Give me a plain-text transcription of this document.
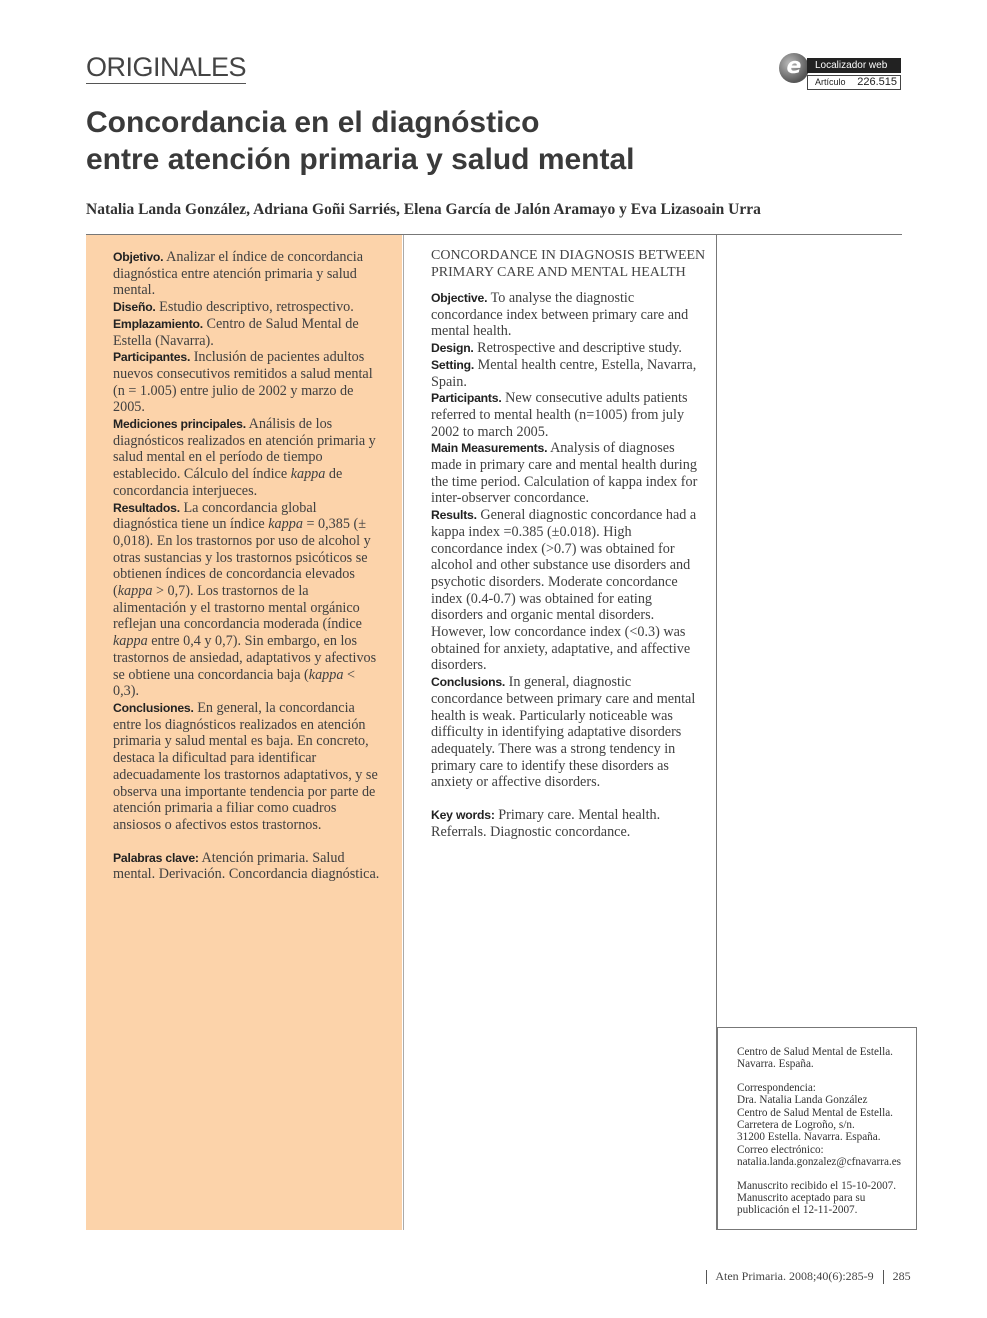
ORIGINALES	e	Localizador web
Artículo 226.515
Concordancia en el diagnóstico
entre atención primaria y salud mental
Natalia Landa González, Adriana Goñi Sarriés, Elena García de Jalón Aramayo y Eva Lizasoain Urra

Objetivo. Analizar el índice de concordancia diagnóstica entre atención primaria y salud mental.

Diseño. Estudio descriptivo, retrospectivo.

Emplazamiento. Centro de Salud Mental de Estella (Navarra).

Participantes. Inclusión de pacientes adultos nuevos consecutivos remitidos a salud mental (n = 1.005) entre julio de 2002 y marzo de 2005.

Mediciones principales. Análisis de los diagnósticos realizados en atención primaria y salud mental en el período de tiempo establecido. Cálculo del índice kappa de concordancia interjueces.

Resultados. La concordancia global diagnóstica tiene un índice kappa = 0,385 (± 0,018). En los trastornos por uso de alcohol y otras sustancias y los trastornos psicóticos se obtienen índices de concordancia elevados (kappa > 0,7). Los trastornos de la alimentación y el trastorno mental orgánico reflejan una concordancia moderada (índice kappa entre 0,4 y 0,7). Sin embargo, en los trastornos de ansiedad, adaptativos y afectivos se obtiene una concordancia baja (kappa < 0,3).

Conclusiones. En general, la concordancia entre los diagnósticos realizados en atención primaria y salud mental es baja. En concreto, destaca la dificultad para identificar adecuadamente los trastornos adaptativos, y se observa una importante tendencia por parte de atención primaria a filiar como cuadros ansiosos o afectivos estos trastornos.

Palabras clave: Atención primaria. Salud mental. Derivación. Concordancia diagnóstica.

CONCORDANCE IN DIAGNOSIS BETWEEN PRIMARY CARE AND MENTAL HEALTH

Objective. To analyse the diagnostic concordance index between primary care and mental health.

Design. Retrospective and descriptive study.

Setting. Mental health centre, Estella, Navarra, Spain.

Participants. New consecutive adults patients referred to mental health (n=1005) from july 2002 to march 2005.

Main Measurements. Analysis of diagnoses made in primary care and mental health during the time period. Calculation of kappa index for inter-observer concordance.

Results. General diagnostic concordance had a kappa index =0.385 (±0.018). High concordance index (>0.7) was obtained for alcohol and other substance use disorders and psychotic disorders. Moderate concordance index (0.4-0.7) was obtained for eating disorders and organic mental disorders. However, low concordance index (<0.3) was obtained for anxiety, adaptative, and affective disorders.

Conclusions. In general, diagnostic concordance between primary care and mental health is weak. Particularly noticeable was difficulty in identifying adaptative disorders adequately. There was a strong tendency in primary care to identify these disorders as anxiety or affective disorders.

Key words: Primary care. Mental health. Referrals. Diagnostic concordance.

Centro de Salud Mental de Estella.
Navarra. España.

Correspondencia:
Dra. Natalia Landa González
Centro de Salud Mental de Estella.
Carretera de Logroño, s/n.
31200 Estella. Navarra. España.
Correo electrónico:
natalia.landa.gonzalez@cfnavarra.es

Manuscrito recibido el 15-10-2007.
Manuscrito aceptado para su
publicación el 12-11-2007.

Aten Primaria. 2008;40(6):285-9 285
